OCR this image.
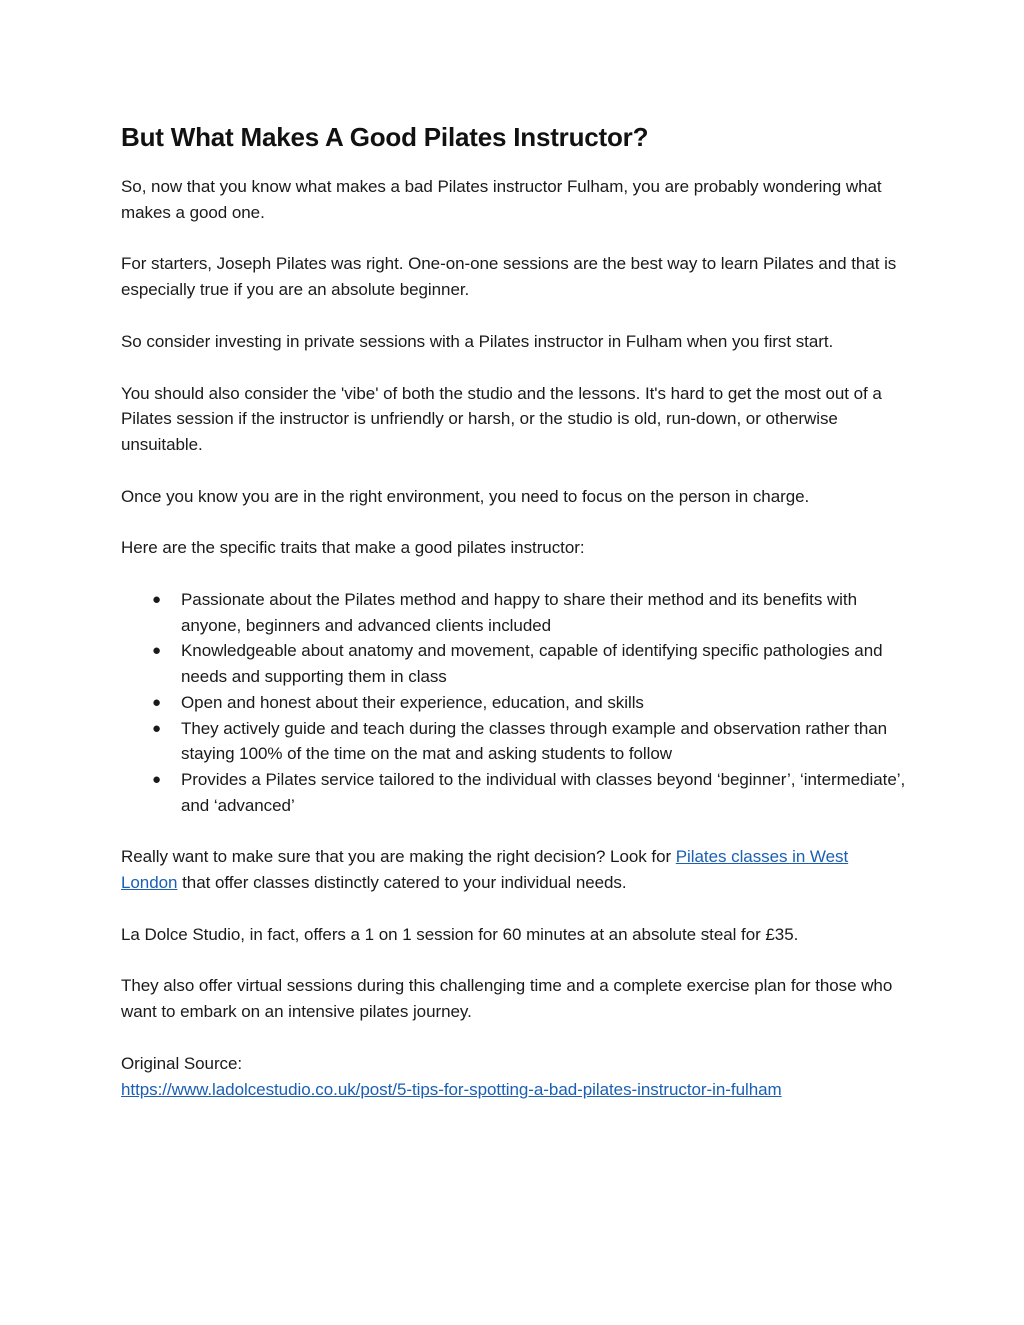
But What Makes A Good Pilates Instructor?

So, now that you know what makes a bad Pilates instructor Fulham, you are probably wondering what makes a good one.

For starters, Joseph Pilates was right. One-on-one sessions are the best way to learn Pilates and that is especially true if you are an absolute beginner.

So consider investing in private sessions with a Pilates instructor in Fulham when you first start.

You should also consider the 'vibe' of both the studio and the lessons. It's hard to get the most out of a Pilates session if the instructor is unfriendly or harsh, or the studio is old, run-down, or otherwise unsuitable.

Once you know you are in the right environment, you need to focus on the person in charge.

Here are the specific traits that make a good pilates instructor:

● Passionate about the Pilates method and happy to share their method and its benefits with anyone, beginners and advanced clients included
● Knowledgeable about anatomy and movement, capable of identifying specific pathologies and needs and supporting them in class
● Open and honest about their experience, education, and skills
● They actively guide and teach during the classes through example and observation rather than staying 100% of the time on the mat and asking students to follow
● Provides a Pilates service tailored to the individual with classes beyond ‘beginner’, ‘intermediate’, and ‘advanced’

Really want to make sure that you are making the right decision? Look for Pilates classes in West London that offer classes distinctly catered to your individual needs.

La Dolce Studio, in fact, offers a 1 on 1 session for 60 minutes at an absolute steal for £35.

They also offer virtual sessions during this challenging time and a complete exercise plan for those who want to embark on an intensive pilates journey.

Original Source:
https://www.ladolcestudio.co.uk/post/5-tips-for-spotting-a-bad-pilates-instructor-in-fulham
